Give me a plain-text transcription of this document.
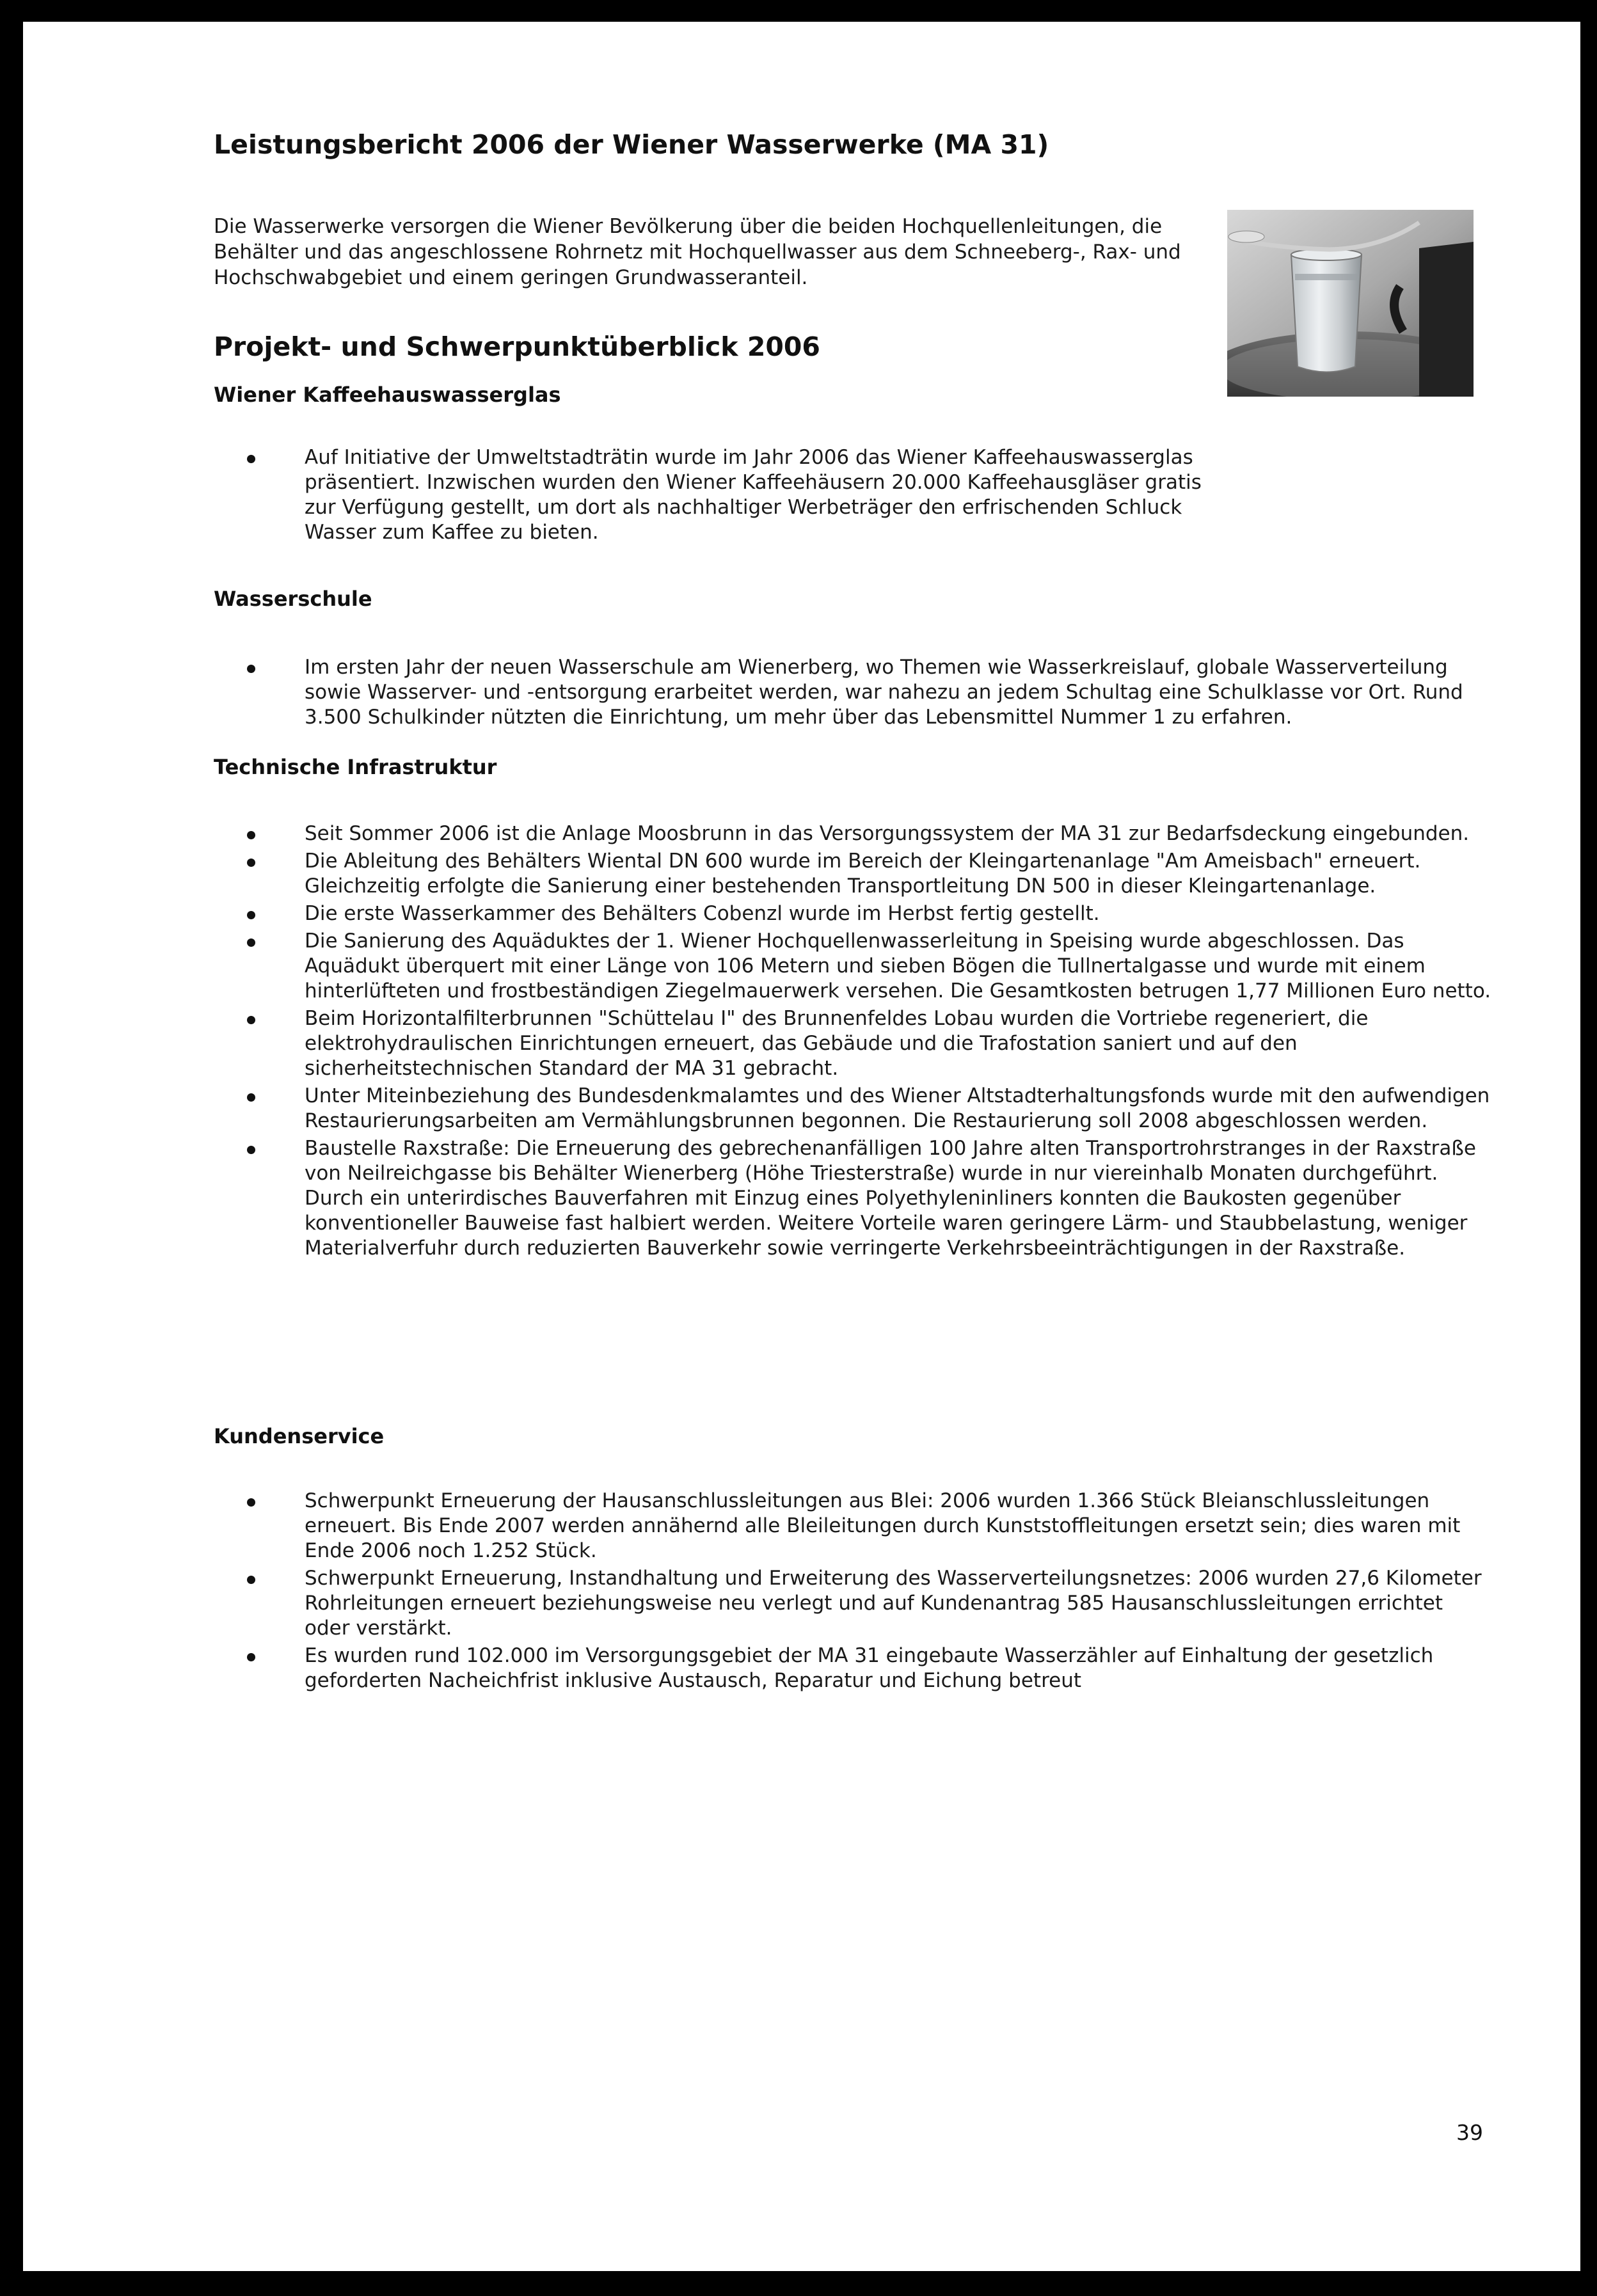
Leistungsbericht 2006 der Wiener Wasserwerke (MA 31)

Die Wasserwerke versorgen die Wiener Bevölkerung über die beiden Hochquellenleitungen, die Behälter und das angeschlossene Rohrnetz mit Hochquellwasser aus dem Schneeberg-, Rax- und Hochschwabgebiet und einem geringen Grundwasseranteil.

Projekt- und Schwerpunktüberblick 2006
Wiener Kaffeehauswasserglas
Auf Initiative der Umweltstadträtin wurde im Jahr 2006 das Wiener Kaffeehauswasserglas präsentiert. Inzwischen wurden den Wiener Kaffeehäusern 20.000 Kaffeehausgläser gratis zur Verfügung gestellt, um dort als nachhaltiger Werbeträger den erfrischenden Schluck Wasser zum Kaffee zu bieten.
Wasserschule
Im ersten Jahr der neuen Wasserschule am Wienerberg, wo Themen wie Wasserkreislauf, globale Wasserverteilung sowie Wasserver- und -entsorgung erarbeitet werden, war nahezu an jedem Schultag eine Schulklasse vor Ort. Rund 3.500 Schulkinder nützten die Einrichtung, um mehr über das Lebensmittel Nummer 1 zu erfahren.
Technische Infrastruktur
Seit Sommer 2006 ist die Anlage Moosbrunn in das Versorgungssystem der MA 31 zur Bedarfsdeckung eingebunden.
Die Ableitung des Behälters Wiental DN 600 wurde im Bereich der Kleingartenanlage "Am Ameisbach" erneuert. Gleichzeitig erfolgte die Sanierung einer bestehenden Transportleitung DN 500 in dieser Kleingartenanlage.
Die erste Wasserkammer des Behälters Cobenzl wurde im Herbst fertig gestellt.
Die Sanierung des Aquäduktes der 1. Wiener Hochquellenwasserleitung in Speising wurde abgeschlossen. Das Aquädukt überquert mit einer Länge von 106 Metern und sieben Bögen die Tullnertalgasse und wurde mit einem hinterlüfteten und frostbeständigen Ziegelmauerwerk versehen. Die Gesamtkosten betrugen 1,77 Millionen Euro netto.
Beim Horizontalfilterbrunnen "Schüttelau I" des Brunnenfeldes Lobau wurden die Vortriebe regeneriert, die elektrohydraulischen Einrichtungen erneuert, das Gebäude und die Trafostation saniert und auf den sicherheitstechnischen Standard der MA 31 gebracht.
Unter Miteinbeziehung des Bundesdenkmalamtes und des Wiener Altstadterhaltungsfonds wurde mit den aufwendigen Restaurierungsarbeiten am Vermählungsbrunnen begonnen. Die Restaurierung soll 2008 abgeschlossen werden.
Baustelle Raxstraße: Die Erneuerung des gebrechenanfälligen 100 Jahre alten Transportrohrstranges in der Raxstraße von Neilreichgasse bis Behälter Wienerberg (Höhe Triesterstraße) wurde in nur viereinhalb Monaten durchgeführt. Durch ein unterirdisches Bauverfahren mit Einzug eines Polyethyleninliners konnten die Baukosten gegenüber konventioneller Bauweise fast halbiert werden. Weitere Vorteile waren geringere Lärm- und Staubbelastung, weniger Materialverfuhr durch reduzierten Bauverkehr sowie verringerte Verkehrsbeeinträchtigungen in der Raxstraße.
Kundenservice
Schwerpunkt Erneuerung der Hausanschlussleitungen aus Blei: 2006 wurden 1.366 Stück Bleianschlussleitungen erneuert. Bis Ende 2007 werden annähernd alle Bleileitungen durch Kunststoffleitungen ersetzt sein; dies waren mit Ende 2006 noch 1.252 Stück.
Schwerpunkt Erneuerung, Instandhaltung und Erweiterung des Wasserverteilungsnetzes: 2006 wurden 27,6 Kilometer Rohrleitungen erneuert beziehungsweise neu verlegt und auf Kundenantrag 585 Hausanschlussleitungen errichtet oder verstärkt.
Es wurden rund 102.000 im Versorgungsgebiet der MA 31 eingebaute Wasserzähler auf Einhaltung der gesetzlich geforderten Nacheichfrist inklusive Austausch, Reparatur und Eichung betreut
39
